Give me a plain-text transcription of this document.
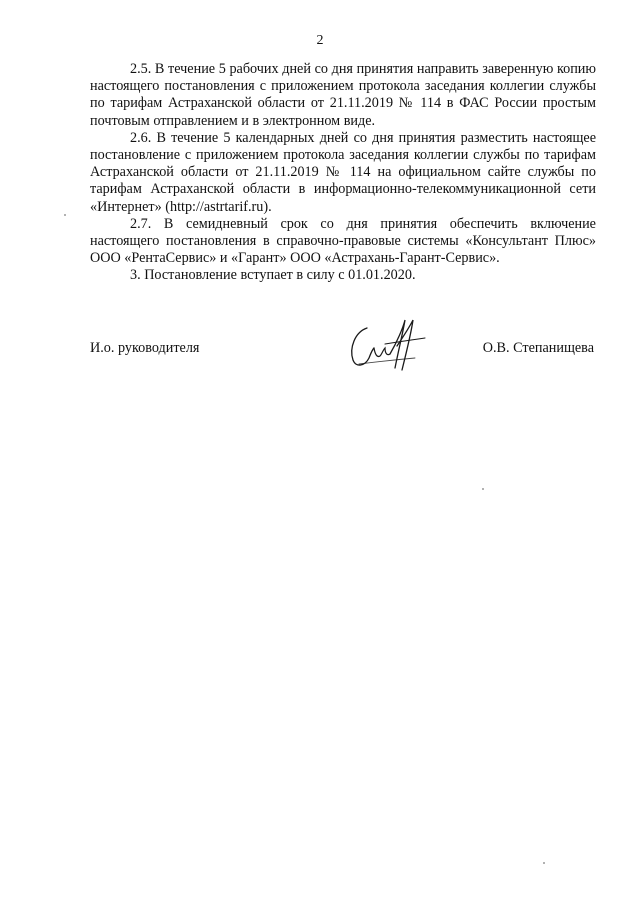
2

2.5. В течение 5 рабочих дней со дня принятия направить заверенную копию настоящего постановления с приложением протокола заседания коллегии службы по тарифам Астраханской области от 21.11.2019 № 114 в ФАС России простым почтовым отправлением и в электронном виде.

2.6. В течение 5 календарных дней со дня принятия разместить настоящее постановление с приложением протокола заседания коллегии службы по тарифам Астраханской области от 21.11.2019 № 114 на официальном сайте службы по тарифам Астраханской области в информационно-телекоммуникационной сети «Интернет» (http://astrtarif.ru).

2.7. В семидневный срок со дня принятия обеспечить включение настоящего постановления в справочно-правовые системы «Консультант Плюс» ООО «РентаСервис» и «Гарант» ООО «Астрахань-Гарант-Сервис».

3. Постановление вступает в силу с 01.01.2020.

И.о. руководителя	О.В. Степанищева
